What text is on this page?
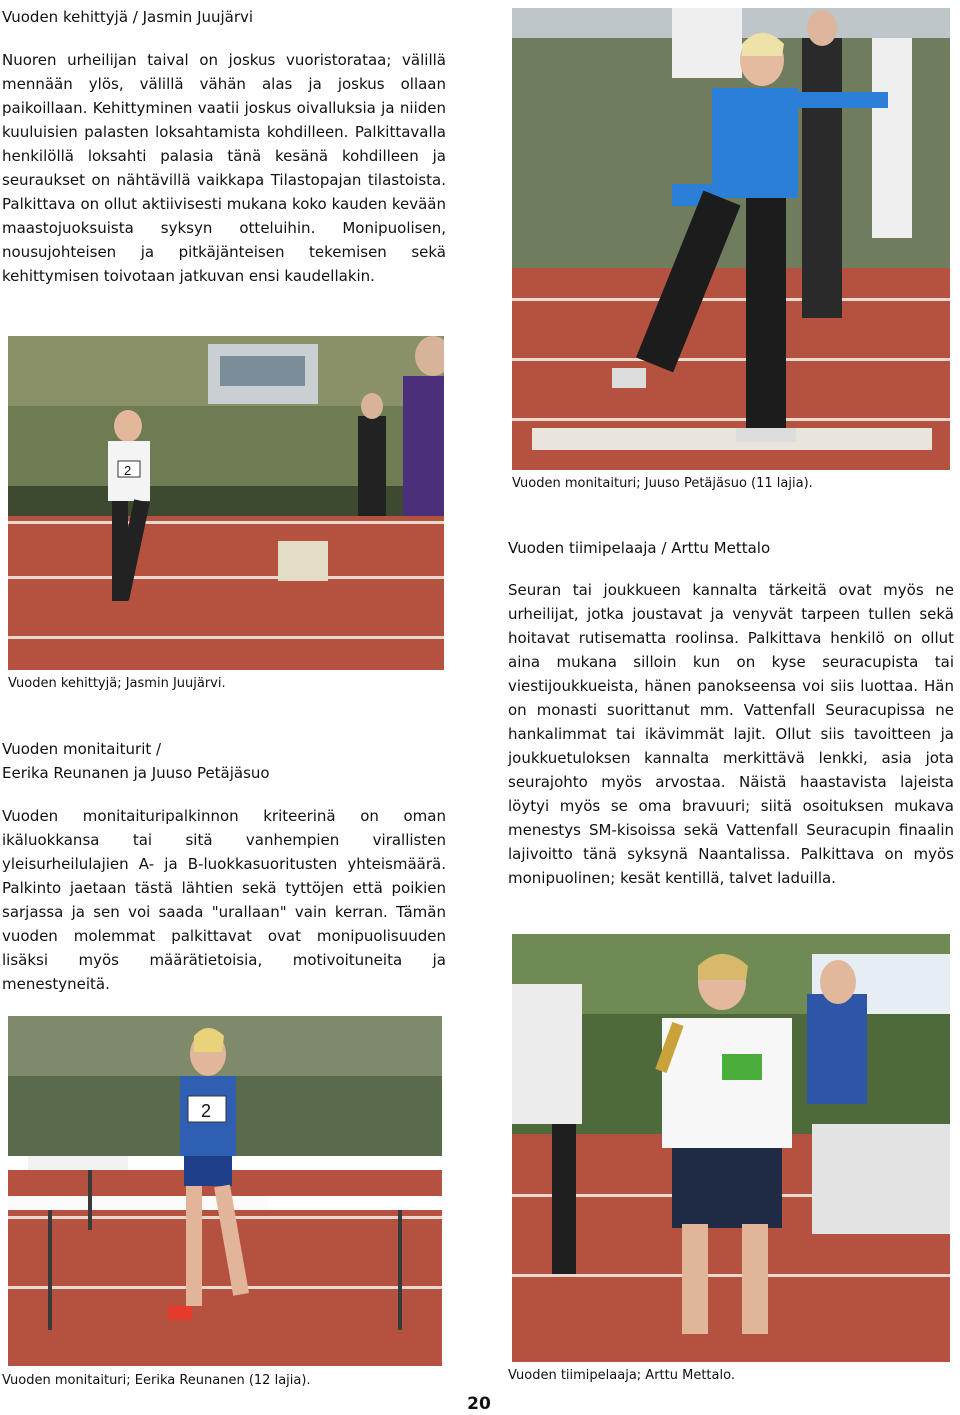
Vuoden kehittyjä / Jasmin Juujärvi
Nuoren urheilijan taival on joskus vuoristorataa; välillä mennään ylös, välillä vähän alas ja joskus ollaan paikoillaan. Kehittyminen vaatii joskus oivalluksia ja niiden kuuluisien palasten loksahtamista kohdilleen. Palkittavalla henkilöllä loksahti palasia tänä kesänä kohdilleen ja seuraukset on nähtävillä vaikkapa Tilastopajan tilastoista. Palkittava on ollut aktiivisesti mukana koko kauden kevään maastojuoksuista syksyn otteluihin. Monipuolisen, nousujohteisen ja pitkäjänteisen tekemisen sekä kehittymisen toivotaan jatkuvan ensi kaudellakin.
2
Vuoden kehittyjä; Jasmin Juujärvi.
Vuoden monitaiturit /
Eerika Reunanen ja Juuso Petäjäsuo
Vuoden monitaituripalkinnon kriteerinä on oman ikäluokkansa tai sitä vanhempien virallisten yleisurheilulajien A- ja B-luokkasuoritusten yhteismäärä. Palkinto jaetaan tästä lähtien sekä tyttöjen että poikien sarjassa ja sen voi saada "urallaan" vain kerran. Tämän vuoden molemmat palkittavat ovat monipuolisuuden lisäksi myös määrätietoisia, motivoituneita ja menestyneitä.
2
Vuoden monitaituri; Eerika Reunanen (12 lajia).
Vuoden monitaituri; Juuso Petäjäsuo (11 lajia).
Vuoden tiimipelaaja / Arttu Mettalo
Seuran tai joukkueen kannalta tärkeitä ovat myös ne urheilijat, jotka joustavat ja venyvät tarpeen tullen sekä hoitavat rutisematta roolinsa. Palkittava henkilö on ollut aina mukana silloin kun on kyse seuracupista tai viestijoukkueista, hänen panokseensa voi siis luottaa. Hän on monasti suorittanut mm. Vattenfall Seuracupissa ne hankalimmat tai ikävimmät lajit. Ollut siis tavoitteen ja joukkuetuloksen kannalta merkittävä lenkki, asia jota seurajohto myös arvostaa. Näistä haastavista lajeista löytyi myös se oma bravuuri; siitä osoituksen mukava menestys SM-kisoissa sekä Vattenfall Seuracupin finaalin lajivoitto tänä syksynä Naantalissa. Palkittava on myös monipuolinen; kesät kentillä, talvet laduilla.
Vuoden tiimipelaaja; Arttu Mettalo.
20
